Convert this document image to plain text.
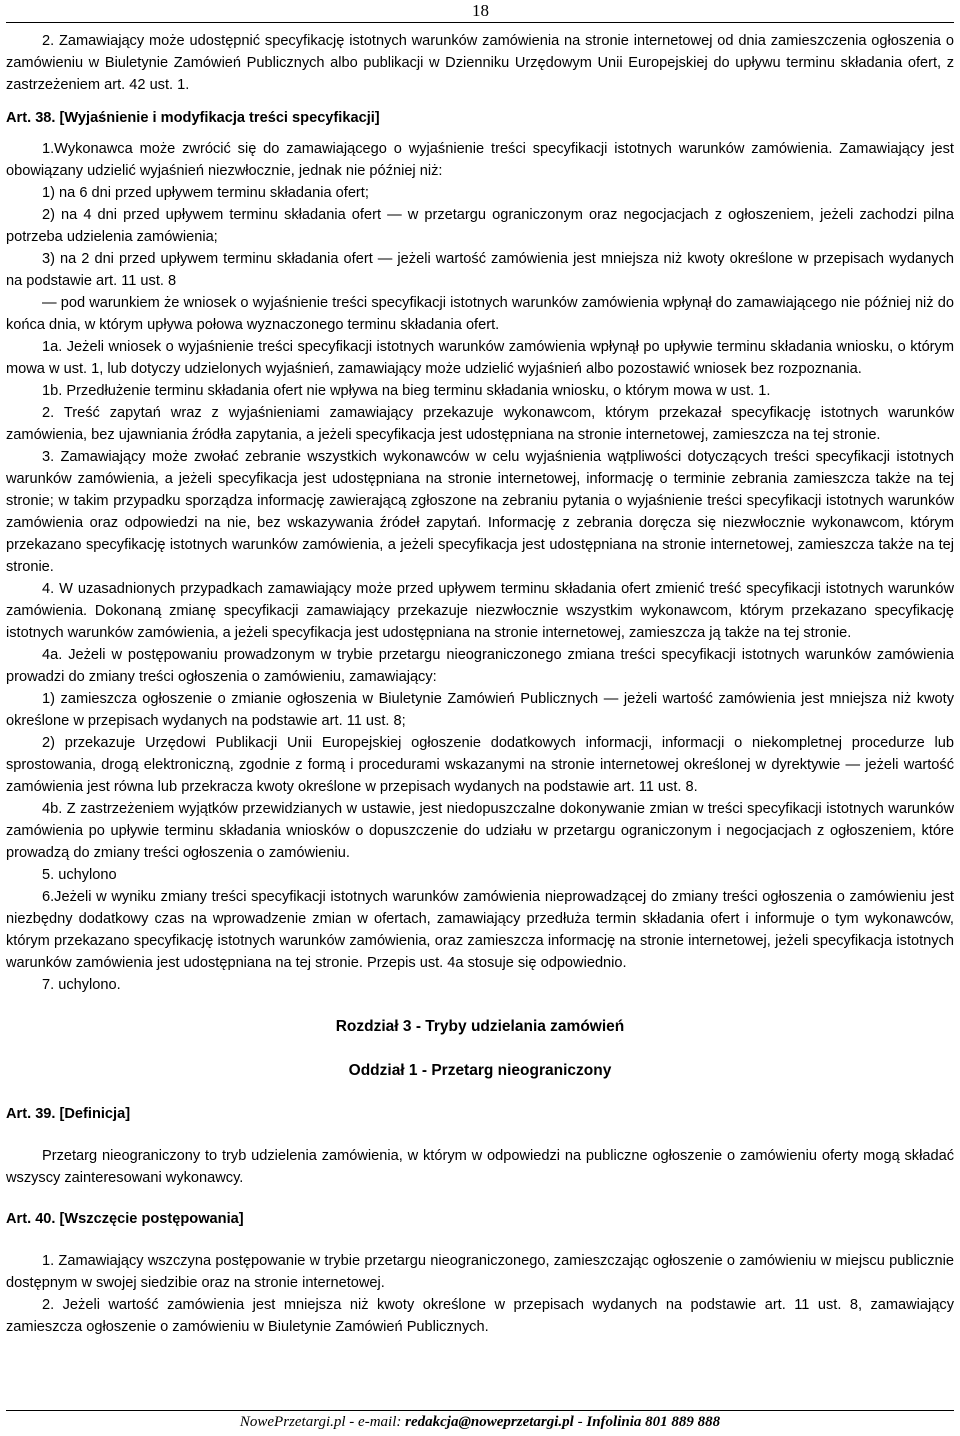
18

2. Zamawiający może udostępnić specyfikację istotnych warunków zamówienia na stronie internetowej od dnia zamieszczenia ogłoszenia o zamówieniu w Biuletynie Zamówień Publicznych albo publikacji w Dzienniku Urzędowym Unii Europejskiej do upływu terminu składania ofert, z zastrzeżeniem art. 42 ust. 1.

Art. 38. [Wyjaśnienie i modyfikacja treści specyfikacji]

1.Wykonawca może zwrócić się do zamawiającego o wyjaśnienie treści specyfikacji istotnych warunków zamówienia. Zamawiający jest obowiązany udzielić wyjaśnień niezwłocznie, jednak nie później niż:

1) na 6 dni przed upływem terminu składania ofert;

2) na 4 dni przed upływem terminu składania ofert — w przetargu ograniczonym oraz negocjacjach z ogłoszeniem, jeżeli zachodzi pilna potrzeba udzielenia zamówienia;

3) na 2 dni przed upływem terminu składania ofert — jeżeli wartość zamówienia jest mniejsza niż kwoty określone w przepisach wydanych na podstawie art. 11 ust. 8

— pod warunkiem że wniosek o wyjaśnienie treści specyfikacji istotnych warunków zamówienia wpłynął do zamawiającego nie później niż do końca dnia, w którym upływa połowa wyznaczonego terminu składania ofert.

1a. Jeżeli wniosek o wyjaśnienie treści specyfikacji istotnych warunków zamówienia wpłynął po upływie terminu składania wniosku, o którym mowa w ust. 1, lub dotyczy udzielonych wyjaśnień, zamawiający może udzielić wyjaśnień albo pozostawić wniosek bez rozpoznania.

1b. Przedłużenie terminu składania ofert nie wpływa na bieg terminu składania wniosku, o którym mowa w ust. 1.

2. Treść zapytań wraz z wyjaśnieniami zamawiający przekazuje wykonawcom, którym przekazał specyfikację istotnych warunków zamówienia, bez ujawniania źródła zapytania, a jeżeli specyfikacja jest udostępniana na stronie internetowej, zamieszcza na tej stronie.

3. Zamawiający może zwołać zebranie wszystkich wykonawców w celu wyjaśnienia wątpliwości dotyczących treści specyfikacji istotnych warunków zamówienia, a jeżeli specyfikacja jest udostępniana na stronie internetowej, informację o terminie zebrania zamieszcza także na tej stronie; w takim przypadku sporządza informację zawierającą zgłoszone na zebraniu pytania o wyjaśnienie treści specyfikacji istotnych warunków zamówienia oraz odpowiedzi na nie, bez wskazywania źródeł zapytań. Informację z zebrania doręcza się niezwłocznie wykonawcom, którym przekazano specyfikację istotnych warunków zamówienia, a jeżeli specyfikacja jest udostępniana na stronie internetowej, zamieszcza także na tej stronie.

4. W uzasadnionych przypadkach zamawiający może przed upływem terminu składania ofert zmienić treść specyfikacji istotnych warunków zamówienia. Dokonaną zmianę specyfikacji zamawiający przekazuje niezwłocznie wszystkim wykonawcom, którym przekazano specyfikację istotnych warunków zamówienia, a jeżeli specyfikacja jest udostępniana na stronie internetowej, zamieszcza ją także na tej stronie.

4a. Jeżeli w postępowaniu prowadzonym w trybie przetargu nieograniczonego zmiana treści specyfikacji istotnych warunków zamówienia prowadzi do zmiany treści ogłoszenia o zamówieniu, zamawiający:

1) zamieszcza ogłoszenie o zmianie ogłoszenia w Biuletynie Zamówień Publicznych — jeżeli wartość zamówienia jest mniejsza niż kwoty określone w przepisach wydanych na podstawie art. 11 ust. 8;

2) przekazuje Urzędowi Publikacji Unii Europejskiej ogłoszenie dodatkowych informacji, informacji o niekompletnej procedurze lub sprostowania, drogą elektroniczną, zgodnie z formą i procedurami wskazanymi na stronie internetowej określonej w dyrektywie — jeżeli wartość zamówienia jest równa lub przekracza kwoty określone w przepisach wydanych na podstawie art. 11 ust. 8.

4b. Z zastrzeżeniem wyjątków przewidzianych w ustawie, jest niedopuszczalne dokonywanie zmian w treści specyfikacji istotnych warunków zamówienia po upływie terminu składania wniosków o dopuszczenie do udziału w przetargu ograniczonym i negocjacjach z ogłoszeniem, które prowadzą do zmiany treści ogłoszenia o zamówieniu.

5. uchylono

6.Jeżeli w wyniku zmiany treści specyfikacji istotnych warunków zamówienia nieprowadzącej do zmiany treści ogłoszenia o zamówieniu jest niezbędny dodatkowy czas na wprowadzenie zmian w ofertach, zamawiający przedłuża termin składania ofert i informuje o tym wykonawców, którym przekazano specyfikację istotnych warunków zamówienia, oraz zamieszcza informację na stronie internetowej, jeżeli specyfikacja istotnych warunków zamówienia jest udostępniana na tej stronie. Przepis ust. 4a stosuje się odpowiednio.

7. uchylono.

Rozdział 3 - Tryby udzielania zamówień

Oddział 1 - Przetarg nieograniczony

Art. 39. [Definicja]

Przetarg nieograniczony to tryb udzielenia zamówienia, w którym w odpowiedzi na publiczne ogłoszenie o zamówieniu oferty mogą składać wszyscy zainteresowani wykonawcy.

Art. 40. [Wszczęcie postępowania]

1. Zamawiający wszczyna postępowanie w trybie przetargu nieograniczonego, zamieszczając ogłoszenie o zamówieniu w miejscu publicznie dostępnym w swojej siedzibie oraz na stronie internetowej.

2. Jeżeli wartość zamówienia jest mniejsza niż kwoty określone w przepisach wydanych na podstawie art. 11 ust. 8, zamawiający zamieszcza ogłoszenie o zamówieniu w Biuletynie Zamówień Publicznych.

NowePrzetargi.pl - e-mail: redakcja@noweprzetargi.pl - Infolinia 801 889 888
